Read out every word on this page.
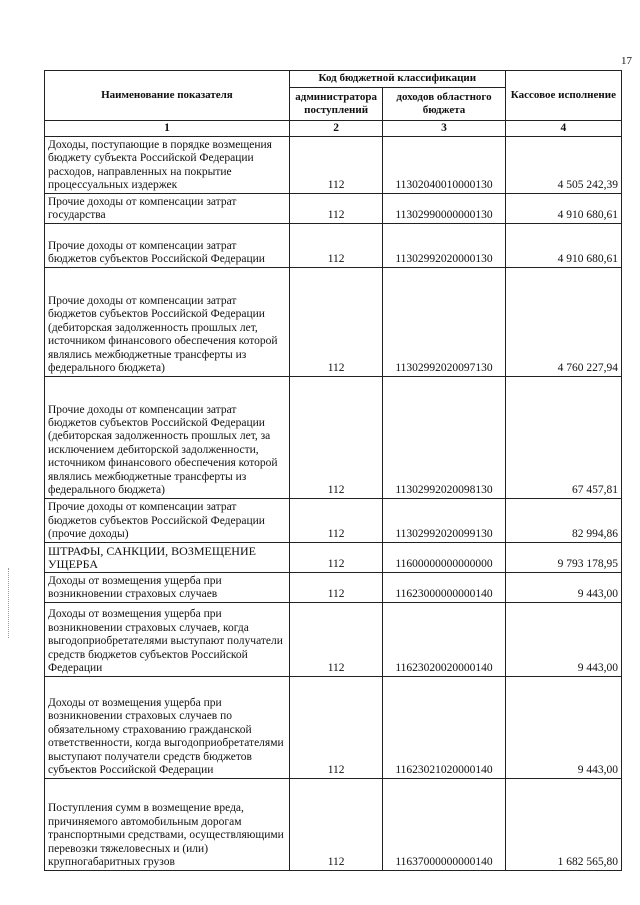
17
Наименование показателя	Код бюджетной классификации		Кассовое исполнение
	администратора поступлений	доходов областного бюджета	
1	2	3	4
Доходы, поступающие в порядке возмещения бюджету субъекта Российской Федерации расходов, направленных на покрытие процессуальных издержек	112	11302040010000130	4 505 242,39
Прочие доходы от компенсации затрат государства	112	11302990000000130	4 910 680,61
Прочие доходы от компенсации затрат бюджетов субъектов Российской Федерации	112	11302992020000130	4 910 680,61
Прочие доходы от компенсации затрат бюджетов субъектов Российской Федерации (дебиторская задолженность прошлых лет, источником финансового обеспечения которой являлись межбюджетные трансферты из федерального бюджета)	112	11302992020097130	4 760 227,94
Прочие доходы от компенсации затрат бюджетов субъектов Российской Федерации (дебиторская задолженность прошлых лет, за исключением дебиторской задолженности, источником финансового обеспечения которой являлись межбюджетные трансферты из федерального бюджета)	112	11302992020098130	67 457,81
Прочие доходы от компенсации затрат бюджетов субъектов Российской Федерации (прочие доходы)	112	11302992020099130	82 994,86
ШТРАФЫ, САНКЦИИ, ВОЗМЕЩЕНИЕ УЩЕРБА	112	11600000000000000	9 793 178,95
Доходы от возмещения ущерба при возникновении страховых случаев	112	11623000000000140	9 443,00
Доходы от возмещения ущерба при возникновении страховых случаев, когда выгодоприобретателями выступают получатели средств бюджетов субъектов Российской Федерации	112	11623020020000140	9 443,00
Доходы от возмещения ущерба при возникновении страховых случаев по обязательному страхованию гражданской ответственности, когда выгодоприобретателями выступают получатели средств бюджетов субъектов Российской Федерации	112	11623021020000140	9 443,00
Поступления сумм в возмещение вреда, причиняемого автомобильным дорогам транспортными средствами, осуществляющими перевозки тяжеловесных и (или) крупногабаритных грузов	112	11637000000000140	1 682 565,80
